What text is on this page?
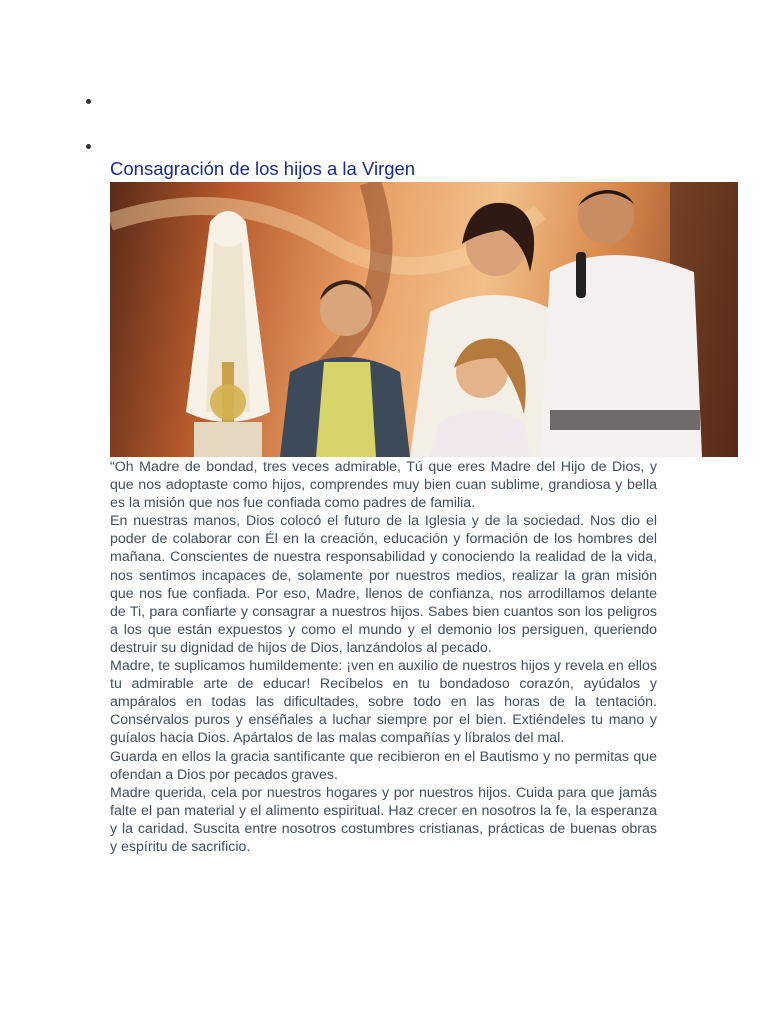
Consagración de los hijos a la Virgen

“Oh Madre de bondad, tres veces admirable, Tú que eres Madre del Hijo de Dios, y que nos adoptaste como hijos, comprendes muy bien cuan sublime, grandiosa y bella es la misión que nos fue confiada como padres de familia.

En nuestras manos, Dios colocó el futuro de la Iglesia y de la sociedad. Nos dio el poder de colaborar con Él en la creación, educación y formación de los hombres del mañana. Conscientes de nuestra responsabilidad y conociendo la realidad de la vida, nos sentimos incapaces de, solamente por nuestros medios, realizar la gran misión que nos fue confiada. Por eso, Madre, llenos de confianza, nos arrodillamos delante de Ti, para confiarte y consagrar a nuestros hijos. Sabes bien cuantos son los peligros a los que están expuestos y como el mundo y el demonio los persiguen, queriendo destruir su dignidad de hijos de Dios, lanzándolos al pecado.

Madre, te suplicamos humildemente: ¡ven en auxilio de nuestros hijos y revela en ellos tu admirable arte de educar! Recíbelos en tu bondadoso corazón, ayúdalos y ampáralos en todas las dificultades, sobre todo en las horas de la tentación. Consérvalos puros y enséñales a luchar siempre por el bien. Extiéndeles tu mano y guíalos hacia Dios. Apártalos de las malas compañías y líbralos del mal.

Guarda en ellos la gracia santificante que recibieron en el Bautismo y no permitas que ofendan a Dios por pecados graves.

Madre querida, cela por nuestros hogares y por nuestros hijos. Cuida para que jamás falte el pan material y el alimento espiritual. Haz crecer en nosotros la fe, la esperanza y la caridad. Suscita entre nosotros costumbres cristianas, prácticas de buenas obras y espíritu de sacrificio.
